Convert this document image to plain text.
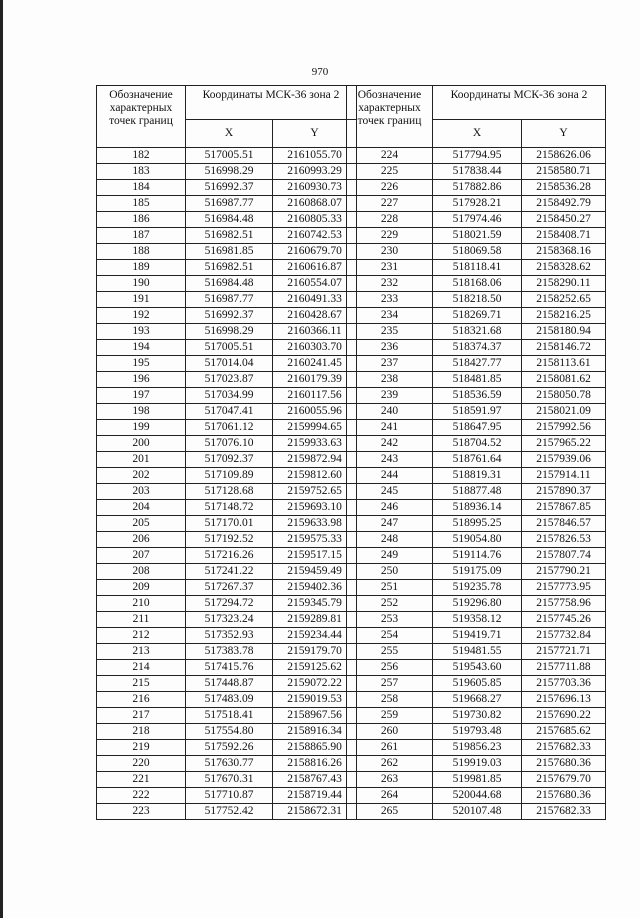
970
Обозначение характерных точек границ	Координаты МСК-36 зона 2	
	X	Y
182	517005.51	2161055.70
183	516998.29	2160993.29
184	516992.37	2160930.73
185	516987.77	2160868.07
186	516984.48	2160805.33
187	516982.51	2160742.53
188	516981.85	2160679.70
189	516982.51	2160616.87
190	516984.48	2160554.07
191	516987.77	2160491.33
192	516992.37	2160428.67
193	516998.29	2160366.11
194	517005.51	2160303.70
195	517014.04	2160241.45
196	517023.87	2160179.39
197	517034.99	2160117.56
198	517047.41	2160055.96
199	517061.12	2159994.65
200	517076.10	2159933.63
201	517092.37	2159872.94
202	517109.89	2159812.60
203	517128.68	2159752.65
204	517148.72	2159693.10
205	517170.01	2159633.98
206	517192.52	2159575.33
207	517216.26	2159517.15
208	517241.22	2159459.49
209	517267.37	2159402.36
210	517294.72	2159345.79
211	517323.24	2159289.81
212	517352.93	2159234.44
213	517383.78	2159179.70
214	517415.76	2159125.62
215	517448.87	2159072.22
216	517483.09	2159019.53
217	517518.41	2158967.56
218	517554.80	2158916.34
219	517592.26	2158865.90
220	517630.77	2158816.26
221	517670.31	2158767.43
222	517710.87	2158719.44
223	517752.42	2158672.31
Обозначение характерных точек границ	Координаты МСК-36 зона 2	
	X	Y
224	517794.95	2158626.06
225	517838.44	2158580.71
226	517882.86	2158536.28
227	517928.21	2158492.79
228	517974.46	2158450.27
229	518021.59	2158408.71
230	518069.58	2158368.16
231	518118.41	2158328.62
232	518168.06	2158290.11
233	518218.50	2158252.65
234	518269.71	2158216.25
235	518321.68	2158180.94
236	518374.37	2158146.72
237	518427.77	2158113.61
238	518481.85	2158081.62
239	518536.59	2158050.78
240	518591.97	2158021.09
241	518647.95	2157992.56
242	518704.52	2157965.22
243	518761.64	2157939.06
244	518819.31	2157914.11
245	518877.48	2157890.37
246	518936.14	2157867.85
247	518995.25	2157846.57
248	519054.80	2157826.53
249	519114.76	2157807.74
250	519175.09	2157790.21
251	519235.78	2157773.95
252	519296.80	2157758.96
253	519358.12	2157745.26
254	519419.71	2157732.84
255	519481.55	2157721.71
256	519543.60	2157711.88
257	519605.85	2157703.36
258	519668.27	2157696.13
259	519730.82	2157690.22
260	519793.48	2157685.62
261	519856.23	2157682.33
262	519919.03	2157680.36
263	519981.85	2157679.70
264	520044.68	2157680.36
265	520107.48	2157682.33
